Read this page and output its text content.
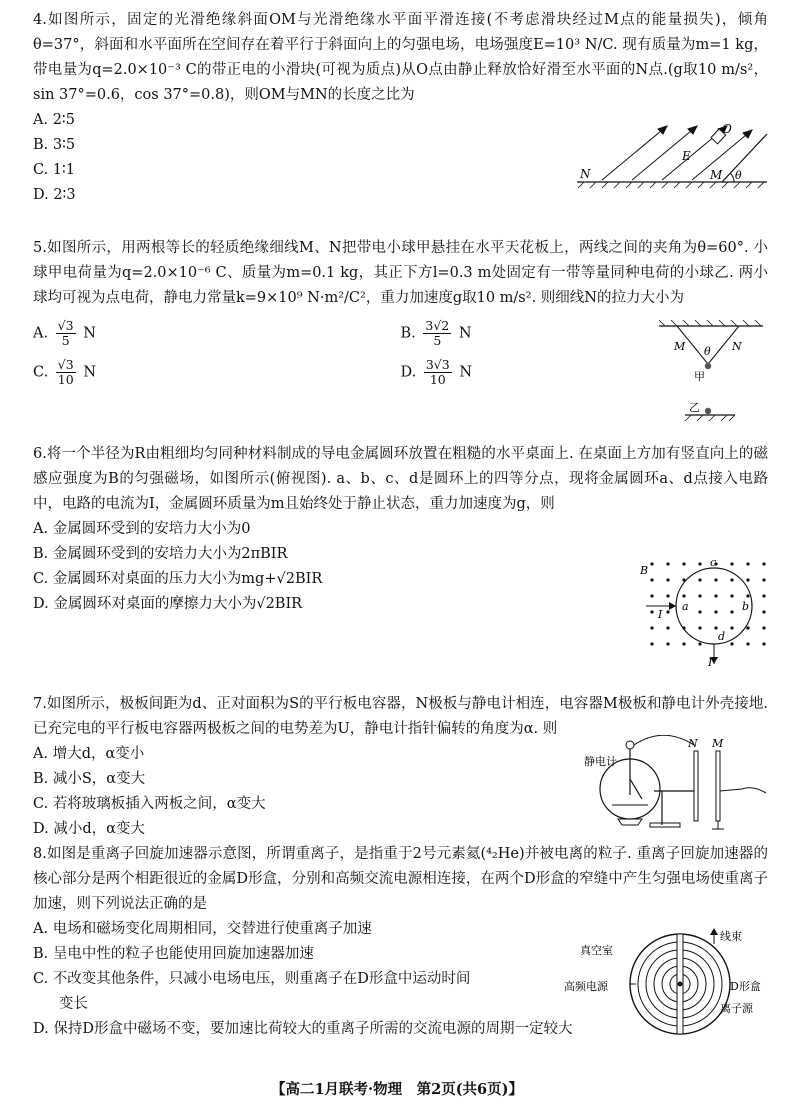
4.如图所示，固定的光滑绝缘斜面OM与光滑绝缘水平面平滑连接(不考虑滑块经过M点的能量损失)，倾角θ=37°，斜面和水平面所在空间存在着平行于斜面向上的匀强电场，电场强度E=10³ N/C. 现有质量为m=1 kg，带电量为q=2.0×10⁻³ C的带正电的小滑块(可视为质点)从O点由静止释放恰好滑至水平面的N点.(g取10 m/s²，sin 37°=0.6，cos 37°=0.8)，则OM与MN的长度之比为

A. 2∶5

B. 3∶5

C. 1∶1

D. 2∶3

N	M
E
O
θ

5.如图所示，用两根等长的轻质绝缘细线M、N把带电小球甲悬挂在水平天花板上，两线之间的夹角为θ=60°. 小球甲电荷量为q=2.0×10⁻⁶ C、质量为m=0.1 kg，其正下方l=0.3 m处固定有一带等量同种电荷的小球乙. 两小球均可视为点电荷，静电力常量k=9×10⁹ N·m²/C²，重力加速度g取10 m/s². 则细线N的拉力大小为

A. $\frac{√3}{5}$ N	B. $\frac{3√2}{5}$ N

C. $\frac{√3}{10}$ N	D. $\frac{3√3}{10}$ N

M	N
θ
甲
乙

6.将一个半径为R由粗细均匀同种材料制成的导电金属圆环放置在粗糙的水平桌面上. 在桌面上方加有竖直向上的磁感应强度为B的匀强磁场，如图所示(俯视图). a、b、c、d是圆环上的四等分点，现将金属圆环a、d点接入电路中，电路的电流为I，金属圆环质量为m且始终处于静止状态，重力加速度为g，则

A. 金属圆环受到的安培力大小为0

B. 金属圆环受到的安培力大小为2πBIR

C. 金属圆环对桌面的压力大小为mg+√2BIR

D. 金属圆环对桌面的摩擦力大小为√2BIR

B
a	b
c
d
I
I

7.如图所示，极板间距为d、正对面积为S的平行板电容器，N极板与静电计相连，电容器M极板和静电计外壳接地. 已充完电的平行板电容器两极板之间的电势差为U，静电计指针偏转的角度为α. 则

A. 增大d，α变小

B. 减小S，α变大

C. 若将玻璃板插入两板之间，α变大

D. 减小d，α变大

静电计
N M

8.如图是重离子回旋加速器示意图，所谓重离子，是指重于2号元素氦(⁴₂He)并被电离的粒子. 重离子回旋加速器的核心部分是两个相距很近的金属D形盒，分别和高频交流电源相连接，在两个D形盒的窄缝中产生匀强电场使重离子加速，则下列说法正确的是

A. 电场和磁场变化周期相同，交替进行使重离子加速

B. 呈电中性的粒子也能使用回旋加速器加速

C. 不改变其他条件，只减小电场电压，则重离子在D形盒中运动时间

变长

D. 保持D形盒中磁场不变，要加速比荷较大的重离子所需的交流电源的周期一定较大

真空室
线束
高频电源	D形盒
离子源
【高二1月联考·物理　第2页(共6页)】
